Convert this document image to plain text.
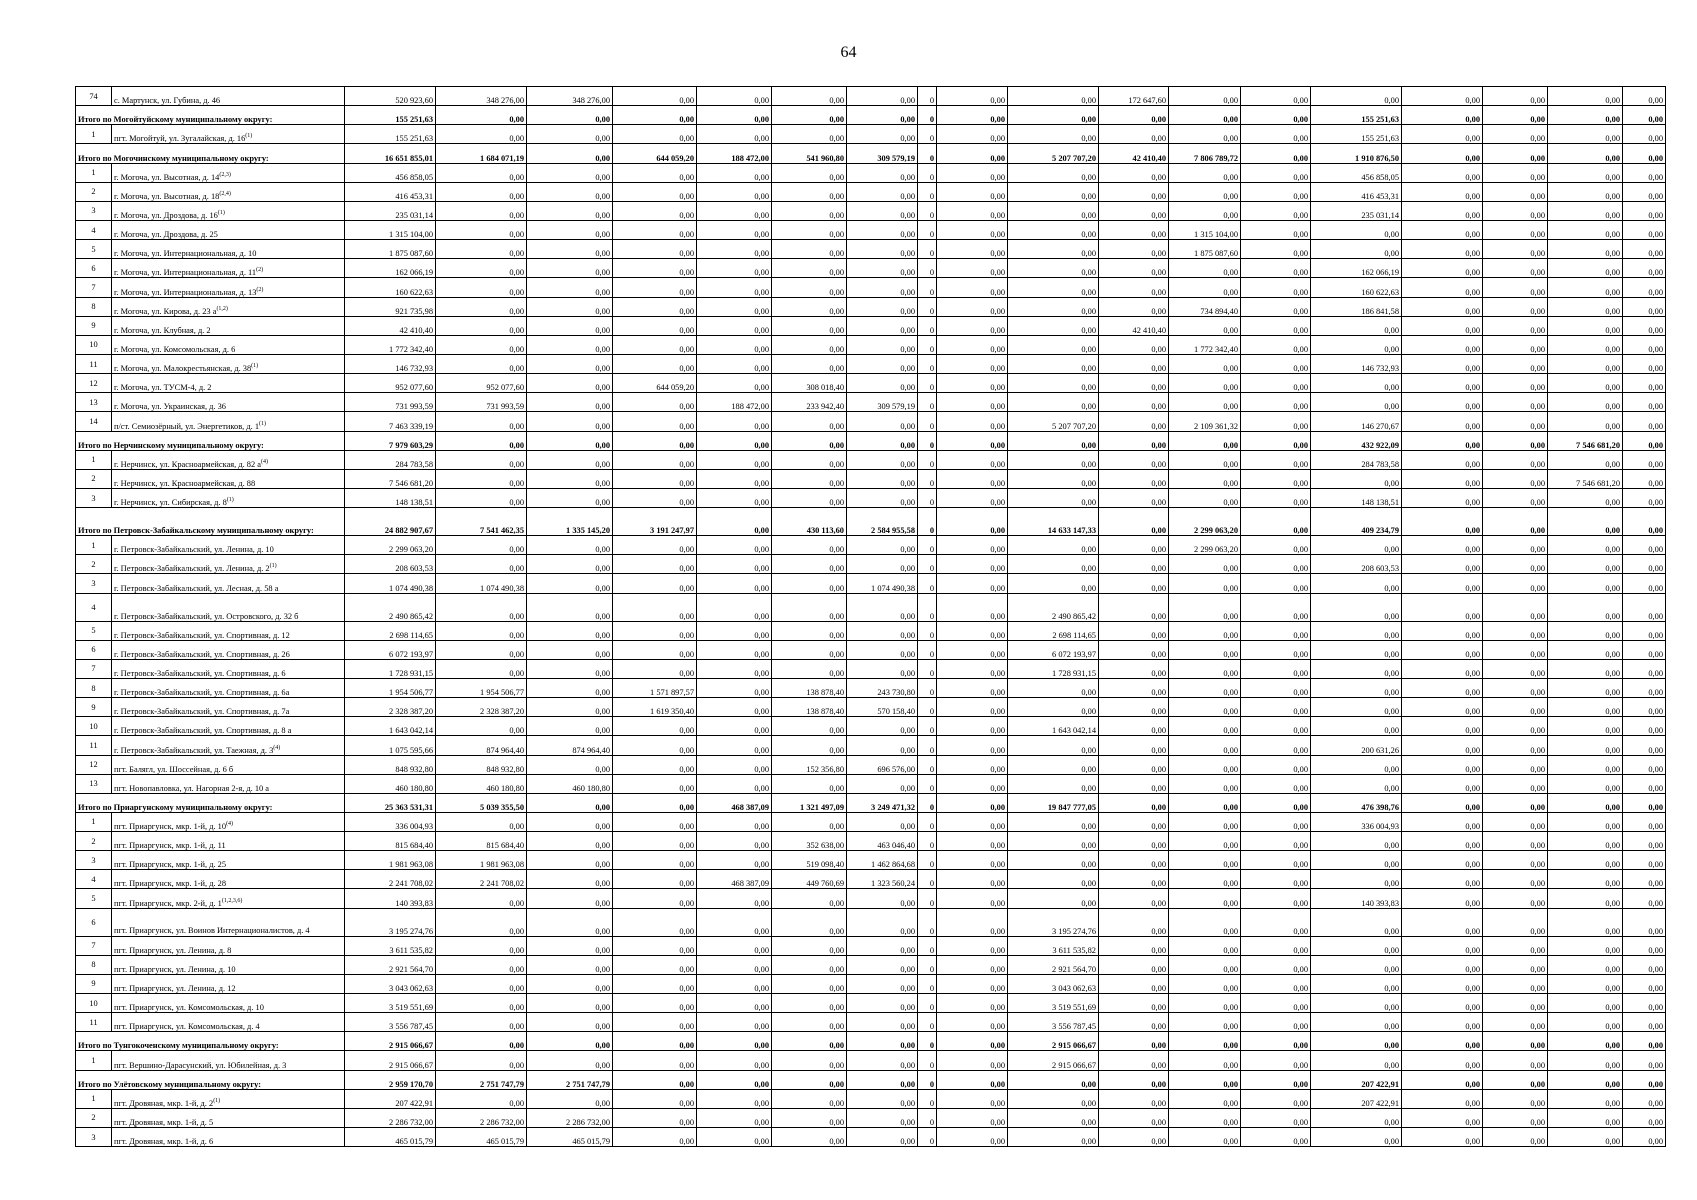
64
74	с. Мартунск, ул. Губина, д. 46	520 923,60	348 276,00	348 276,00	0,00	0,00	0,00	0,00	0	0,00	0,00	172 647,60	0,00	0,00	0,00	0,00	0,00	0,00	0,00
Итого по Могойтуйскому муниципальному округу:		155 251,63	0,00	0,00	0,00	0,00	0,00	0,00	0	0,00	0,00	0,00	0,00	0,00	155 251,63	0,00	0,00	0,00	0,00
1	пгт. Могойтуй, ул. Зугалайская, д. 16$^{(1)}$	155 251,63	0,00	0,00	0,00	0,00	0,00	0,00	0	0,00	0,00	0,00	0,00	0,00	155 251,63	0,00	0,00	0,00	0,00
Итого по Могочинскому муниципальному округу:		16 651 855,01	1 684 071,19	0,00	644 059,20	188 472,00	541 960,80	309 579,19	0	0,00	5 207 707,20	42 410,40	7 806 789,72	0,00	1 910 876,50	0,00	0,00	0,00	0,00
1	г. Могоча, ул. Высотная, д. 14$^{(2,3)}$	456 858,05	0,00	0,00	0,00	0,00	0,00	0,00	0	0,00	0,00	0,00	0,00	0,00	456 858,05	0,00	0,00	0,00	0,00
2	г. Могоча, ул. Высотная, д. 18$^{(2,4)}$	416 453,31	0,00	0,00	0,00	0,00	0,00	0,00	0	0,00	0,00	0,00	0,00	0,00	416 453,31	0,00	0,00	0,00	0,00
3	г. Могоча, ул. Дроздова, д. 16$^{(1)}$	235 031,14	0,00	0,00	0,00	0,00	0,00	0,00	0	0,00	0,00	0,00	0,00	0,00	235 031,14	0,00	0,00	0,00	0,00
4	г. Могоча, ул. Дроздова, д. 25	1 315 104,00	0,00	0,00	0,00	0,00	0,00	0,00	0	0,00	0,00	0,00	1 315 104,00	0,00	0,00	0,00	0,00	0,00	0,00
5	г. Могоча, ул. Интернациональная, д. 10	1 875 087,60	0,00	0,00	0,00	0,00	0,00	0,00	0	0,00	0,00	0,00	1 875 087,60	0,00	0,00	0,00	0,00	0,00	0,00
6	г. Могоча, ул. Интернациональная, д. 11$^{(2)}$	162 066,19	0,00	0,00	0,00	0,00	0,00	0,00	0	0,00	0,00	0,00	0,00	0,00	162 066,19	0,00	0,00	0,00	0,00
7	г. Могоча, ул. Интернациональная, д. 13$^{(2)}$	160 622,63	0,00	0,00	0,00	0,00	0,00	0,00	0	0,00	0,00	0,00	0,00	0,00	160 622,63	0,00	0,00	0,00	0,00
8	г. Могоча, ул. Кирова, д. 23 $а^{(1,2)}$	921 735,98	0,00	0,00	0,00	0,00	0,00	0,00	0	0,00	0,00	0,00	734 894,40	0,00	186 841,58	0,00	0,00	0,00	0,00
9	г. Могоча, ул. Клубная, д. 2	42 410,40	0,00	0,00	0,00	0,00	0,00	0,00	0	0,00	0,00	42 410,40	0,00	0,00	0,00	0,00	0,00	0,00	0,00
10	г. Могоча, ул. Комсомольская, д. 6	1 772 342,40	0,00	0,00	0,00	0,00	0,00	0,00	0	0,00	0,00	0,00	1 772 342,40	0,00	0,00	0,00	0,00	0,00	0,00
11	г. Могоча, ул. Малокрестьянская, д. 38$^{(1)}$	146 732,93	0,00	0,00	0,00	0,00	0,00	0,00	0	0,00	0,00	0,00	0,00	0,00	146 732,93	0,00	0,00	0,00	0,00
12	г. Могоча, ул. ТУСМ-4, д. 2	952 077,60	952 077,60	0,00	644 059,20	0,00	308 018,40	0,00	0	0,00	0,00	0,00	0,00	0,00	0,00	0,00	0,00	0,00	0,00
13	г. Могоча, ул. Украинская, д. 36	731 993,59	731 993,59	0,00	0,00	188 472,00	233 942,40	309 579,19	0	0,00	0,00	0,00	0,00	0,00	0,00	0,00	0,00	0,00	0,00
14	п/ст. Семиозёрный, ул. Энергетиков, д. 1$^{(1)}$	7 463 339,19	0,00	0,00	0,00	0,00	0,00	0,00	0	0,00	5 207 707,20	0,00	2 109 361,32	0,00	146 270,67	0,00	0,00	0,00	0,00
Итого по Нерчинскому муниципальному округу:		7 979 603,29	0,00	0,00	0,00	0,00	0,00	0,00	0	0,00	0,00	0,00	0,00	0,00	432 922,09	0,00	0,00	7 546 681,20	0,00
1	г. Нерчинск, ул. Красноармейская, д. 82 $а^{(4)}$	284 783,58	0,00	0,00	0,00	0,00	0,00	0,00	0	0,00	0,00	0,00	0,00	0,00	284 783,58	0,00	0,00	0,00	0,00
2	г. Нерчинск, ул. Красноармейская, д. 88	7 546 681,20	0,00	0,00	0,00	0,00	0,00	0,00	0	0,00	0,00	0,00	0,00	0,00	0,00	0,00	0,00	7 546 681,20	0,00
3	г. Нерчинск, ул. Сибирская, д. 8$^{(1)}$	148 138,51	0,00	0,00	0,00	0,00	0,00	0,00	0	0,00	0,00	0,00	0,00	0,00	148 138,51	0,00	0,00	0,00	0,00
Итого по Петровск-Забайкальскому муниципальному округу:		24 882 907,67	7 541 462,35	1 335 145,20	3 191 247,97	0,00	430 113,60	2 584 955,58	0	0,00	14 633 147,33	0,00	2 299 063,20	0,00	409 234,79	0,00	0,00	0,00	0,00
1	г. Петровск-Забайкальский, ул. Ленина, д. 10	2 299 063,20	0,00	0,00	0,00	0,00	0,00	0,00	0	0,00	0,00	0,00	2 299 063,20	0,00	0,00	0,00	0,00	0,00	0,00
2	г. Петровск-Забайкальский, ул. Ленина, д. 2$^{(1)}$	208 603,53	0,00	0,00	0,00	0,00	0,00	0,00	0	0,00	0,00	0,00	0,00	0,00	208 603,53	0,00	0,00	0,00	0,00
3	г. Петровск-Забайкальский, ул. Лесная, д. 58 а	1 074 490,38	1 074 490,38	0,00	0,00	0,00	0,00	1 074 490,38	0	0,00	0,00	0,00	0,00	0,00	0,00	0,00	0,00	0,00	0,00
4	г. Петровск-Забайкальский, ул. Островского, д. 32 б	2 490 865,42	0,00	0,00	0,00	0,00	0,00	0,00	0	0,00	2 490 865,42	0,00	0,00	0,00	0,00	0,00	0,00	0,00	0,00
5	г. Петровск-Забайкальский, ул. Спортивная, д. 12	2 698 114,65	0,00	0,00	0,00	0,00	0,00	0,00	0	0,00	2 698 114,65	0,00	0,00	0,00	0,00	0,00	0,00	0,00	0,00
6	г. Петровск-Забайкальский, ул. Спортивная, д. 26	6 072 193,97	0,00	0,00	0,00	0,00	0,00	0,00	0	0,00	6 072 193,97	0,00	0,00	0,00	0,00	0,00	0,00	0,00	0,00
7	г. Петровск-Забайкальский, ул. Спортивная, д. 6	1 728 931,15	0,00	0,00	0,00	0,00	0,00	0,00	0	0,00	1 728 931,15	0,00	0,00	0,00	0,00	0,00	0,00	0,00	0,00
8	г. Петровск-Забайкальский, ул. Спортивная, д. 6а	1 954 506,77	1 954 506,77	0,00	1 571 897,57	0,00	138 878,40	243 730,80	0	0,00	0,00	0,00	0,00	0,00	0,00	0,00	0,00	0,00	0,00
9	г. Петровск-Забайкальский, ул. Спортивная, д. 7а	2 328 387,20	2 328 387,20	0,00	1 619 350,40	0,00	138 878,40	570 158,40	0	0,00	0,00	0,00	0,00	0,00	0,00	0,00	0,00	0,00	0,00
10	г. Петровск-Забайкальский, ул. Спортивная, д. 8 а	1 643 042,14	0,00	0,00	0,00	0,00	0,00	0,00	0	0,00	1 643 042,14	0,00	0,00	0,00	0,00	0,00	0,00	0,00	0,00
11	г. Петровск-Забайкальский, ул. Таежная, д. 3$^{(4)}$	1 075 595,66	874 964,40	874 964,40	0,00	0,00	0,00	0,00	0	0,00	0,00	0,00	0,00	0,00	200 631,26	0,00	0,00	0,00	0,00
12	пгт. Балягл, ул. Шоссейная, д. 6 б	848 932,80	848 932,80	0,00	0,00	0,00	152 356,80	696 576,00	0	0,00	0,00	0,00	0,00	0,00	0,00	0,00	0,00	0,00	0,00
13	пгт. Новопавловка, ул. Нагорная 2-я, д. 10 а	460 180,80	460 180,80	460 180,80	0,00	0,00	0,00	0,00	0	0,00	0,00	0,00	0,00	0,00	0,00	0,00	0,00	0,00	0,00
Итого по Приаргунскому муниципальному округу:		25 363 531,31	5 039 355,50	0,00	0,00	468 387,09	1 321 497,09	3 249 471,32	0	0,00	19 847 777,05	0,00	0,00	0,00	476 398,76	0,00	0,00	0,00	0,00
1	пгт. Приаргунск, мкр. 1-й, д. 10$^{(4)}$	336 004,93	0,00	0,00	0,00	0,00	0,00	0,00	0	0,00	0,00	0,00	0,00	0,00	336 004,93	0,00	0,00	0,00	0,00
2	пгт. Приаргунск, мкр. 1-й, д. 11	815 684,40	815 684,40	0,00	0,00	0,00	352 638,00	463 046,40	0	0,00	0,00	0,00	0,00	0,00	0,00	0,00	0,00	0,00	0,00
3	пгт. Приаргунск, мкр. 1-й, д. 25	1 981 963,08	1 981 963,08	0,00	0,00	0,00	519 098,40	1 462 864,68	0	0,00	0,00	0,00	0,00	0,00	0,00	0,00	0,00	0,00	0,00
4	пгт. Приаргунск, мкр. 1-й, д. 28	2 241 708,02	2 241 708,02	0,00	0,00	468 387,09	449 760,69	1 323 560,24	0	0,00	0,00	0,00	0,00	0,00	0,00	0,00	0,00	0,00	0,00
5	пгт. Приаргунск, мкр. 2-й, д. 1$^{(1,2,3,6)}$	140 393,83	0,00	0,00	0,00	0,00	0,00	0,00	0	0,00	0,00	0,00	0,00	0,00	140 393,83	0,00	0,00	0,00	0,00
6	пгт. Приаргунск, ул. Воинов Интернационалистов, д. 4	3 195 274,76	0,00	0,00	0,00	0,00	0,00	0,00	0	0,00	3 195 274,76	0,00	0,00	0,00	0,00	0,00	0,00	0,00	0,00
7	пгт. Приаргунск, ул. Ленина, д. 8	3 611 535,82	0,00	0,00	0,00	0,00	0,00	0,00	0	0,00	3 611 535,82	0,00	0,00	0,00	0,00	0,00	0,00	0,00	0,00
8	пгт. Приаргунск, ул. Ленина, д. 10	2 921 564,70	0,00	0,00	0,00	0,00	0,00	0,00	0	0,00	2 921 564,70	0,00	0,00	0,00	0,00	0,00	0,00	0,00	0,00
9	пгт. Приаргунск, ул. Ленина, д. 12	3 043 062,63	0,00	0,00	0,00	0,00	0,00	0,00	0	0,00	3 043 062,63	0,00	0,00	0,00	0,00	0,00	0,00	0,00	0,00
10	пгт. Приаргунск, ул. Комсомольская, д. 10	3 519 551,69	0,00	0,00	0,00	0,00	0,00	0,00	0	0,00	3 519 551,69	0,00	0,00	0,00	0,00	0,00	0,00	0,00	0,00
11	пгт. Приаргунск, ул. Комсомольская, д. 4	3 556 787,45	0,00	0,00	0,00	0,00	0,00	0,00	0	0,00	3 556 787,45	0,00	0,00	0,00	0,00	0,00	0,00	0,00	0,00
Итого по Тунгокоченскому муниципальному округу:		2 915 066,67	0,00	0,00	0,00	0,00	0,00	0,00	0	0,00	2 915 066,67	0,00	0,00	0,00	0,00	0,00	0,00	0,00	0,00
1	пгт. Вершино-Дарасунский, ул. Юбилейная, д. 3	2 915 066,67	0,00	0,00	0,00	0,00	0,00	0,00	0	0,00	2 915 066,67	0,00	0,00	0,00	0,00	0,00	0,00	0,00	0,00
Итого по Улётовскому муниципальному округу:		2 959 170,70	2 751 747,79	2 751 747,79	0,00	0,00	0,00	0,00	0	0,00	0,00	0,00	0,00	0,00	207 422,91	0,00	0,00	0,00	0,00
1	пгт. Дровяная, мкр. 1-й, д. 2$^{(1)}$	207 422,91	0,00	0,00	0,00	0,00	0,00	0,00	0	0,00	0,00	0,00	0,00	0,00	207 422,91	0,00	0,00	0,00	0,00
2	пгт. Дровяная, мкр. 1-й, д. 5	2 286 732,00	2 286 732,00	2 286 732,00	0,00	0,00	0,00	0,00	0	0,00	0,00	0,00	0,00	0,00	0,00	0,00	0,00	0,00	0,00
3	пгт. Дровяная, мкр. 1-й, д. 6	465 015,79	465 015,79	465 015,79	0,00	0,00	0,00	0,00	0	0,00	0,00	0,00	0,00	0,00	0,00	0,00	0,00	0,00	0,00
